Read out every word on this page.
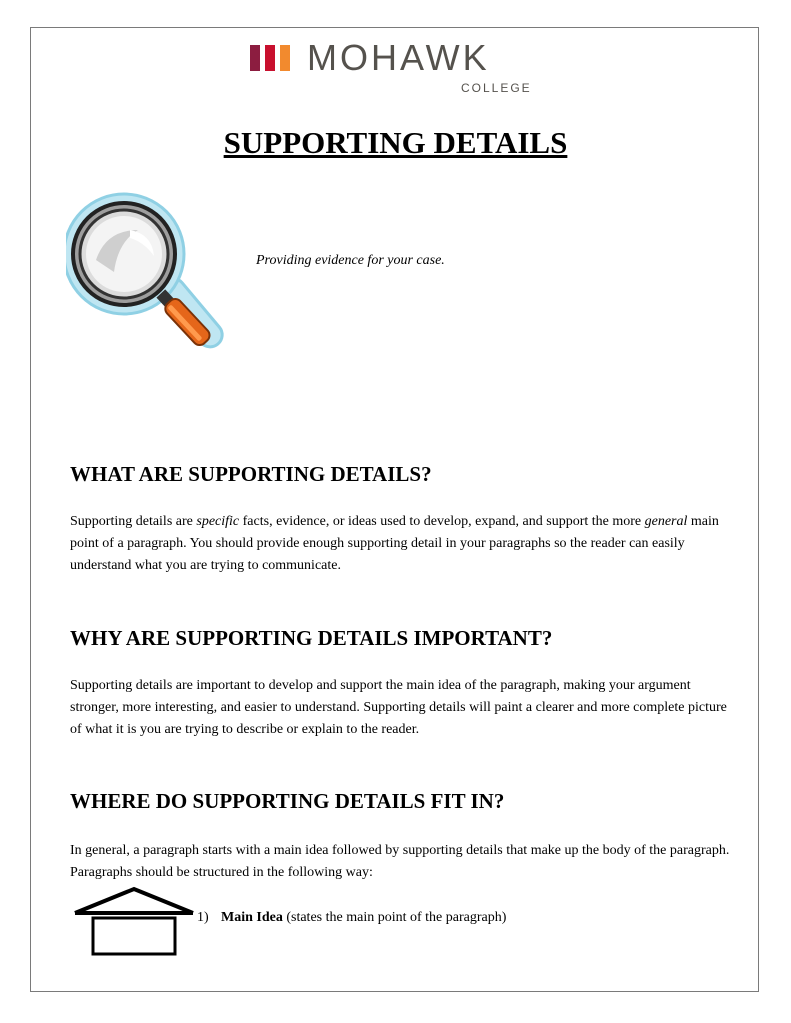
MOHAWK
COLLEGE
SUPPORTING DETAILS
Providing evidence for your case.
WHAT ARE SUPPORTING DETAILS?
Supporting details are specific facts, evidence, or ideas used to develop, expand, and support the more general main point of a paragraph. You should provide enough supporting detail in your paragraphs so the reader can easily understand what you are trying to communicate.
WHY ARE SUPPORTING DETAILS IMPORTANT?
Supporting details are important to develop and support the main idea of the paragraph, making your argument stronger, more interesting, and easier to understand. Supporting details will paint a clearer and more complete picture of what it is you are trying to describe or explain to the reader.
WHERE DO SUPPORTING DETAILS FIT IN?
In general, a paragraph starts with a main idea followed by supporting details that make up the body of the paragraph. Paragraphs should be structured in the following way:
1) Main Idea (states the main point of the paragraph)
